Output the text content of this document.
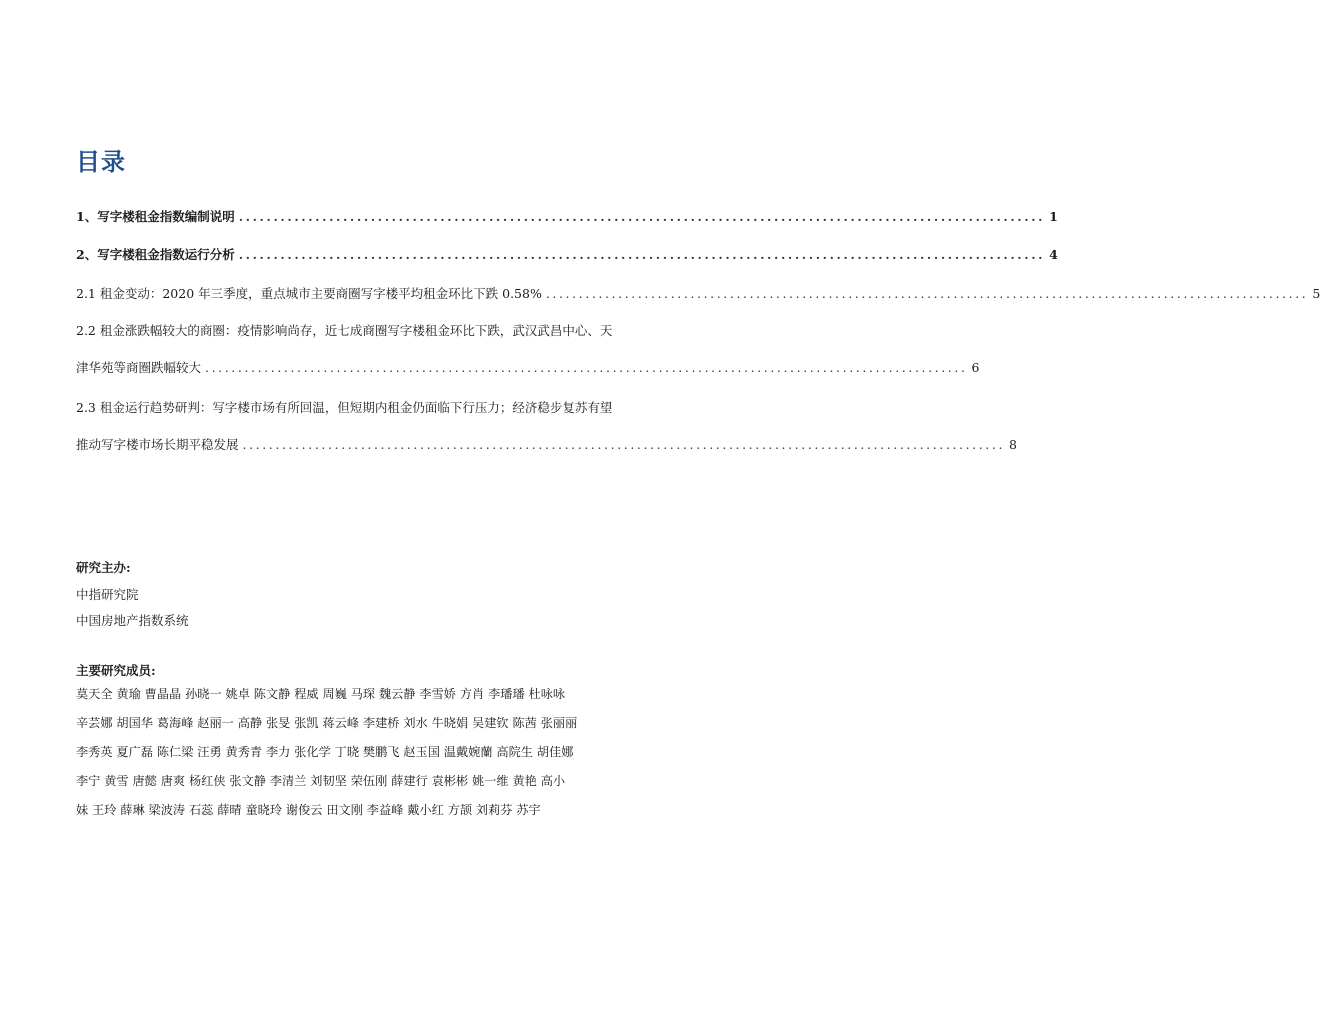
目录
1、写字楼租金指数编制说明 .................................................................................................................... 1
2、写字楼租金指数运行分析 .................................................................................................................... 4
2.1 租金变动：2020 年三季度，重点城市主要商圈写字楼平均租金环比下跌 0.58% .................................................................................................................... 5
2.2 租金涨跌幅较大的商圈：疫情影响尚存，近七成商圈写字楼租金环比下跌，武汉武昌中心、天
津华苑等商圈跌幅较大 .................................................................................................................... 6
2.3 租金运行趋势研判：写字楼市场有所回温，但短期内租金仍面临下行压力；经济稳步复苏有望
推动写字楼市场长期平稳发展 .................................................................................................................... 8
研究主办:
中指研究院
中国房地产指数系统
主要研究成员:
莫天全 黄瑜 曹晶晶 孙晓一 姚卓 陈文静 程威 周巍 马琛 魏云静 李雪娇 方肖 李璠璠 杜咏咏
辛芸娜 胡国华 葛海峰 赵丽一 高静 张旻 张凯 蒋云峰 李建桥 刘水 牛晓娟 吴建钦 陈茜 张丽丽
李秀英 夏广磊 陈仁梁 汪勇 黄秀青 李力 张化学 丁晓 樊鹏飞 赵玉国 温戴婉蘭 高院生 胡佳娜
李宁 黄雪 唐懿 唐爽 杨红侠 张文静 李清兰 刘韧坚 荣伍刚 薛建行 袁彬彬 姚一维 黄艳 高小
妹 王玲 薛琳 梁波涛 石蕊 薛晴 童晓玲 谢俊云 田文刚 李益峰 戴小红 方颉 刘莉芬 苏宇
